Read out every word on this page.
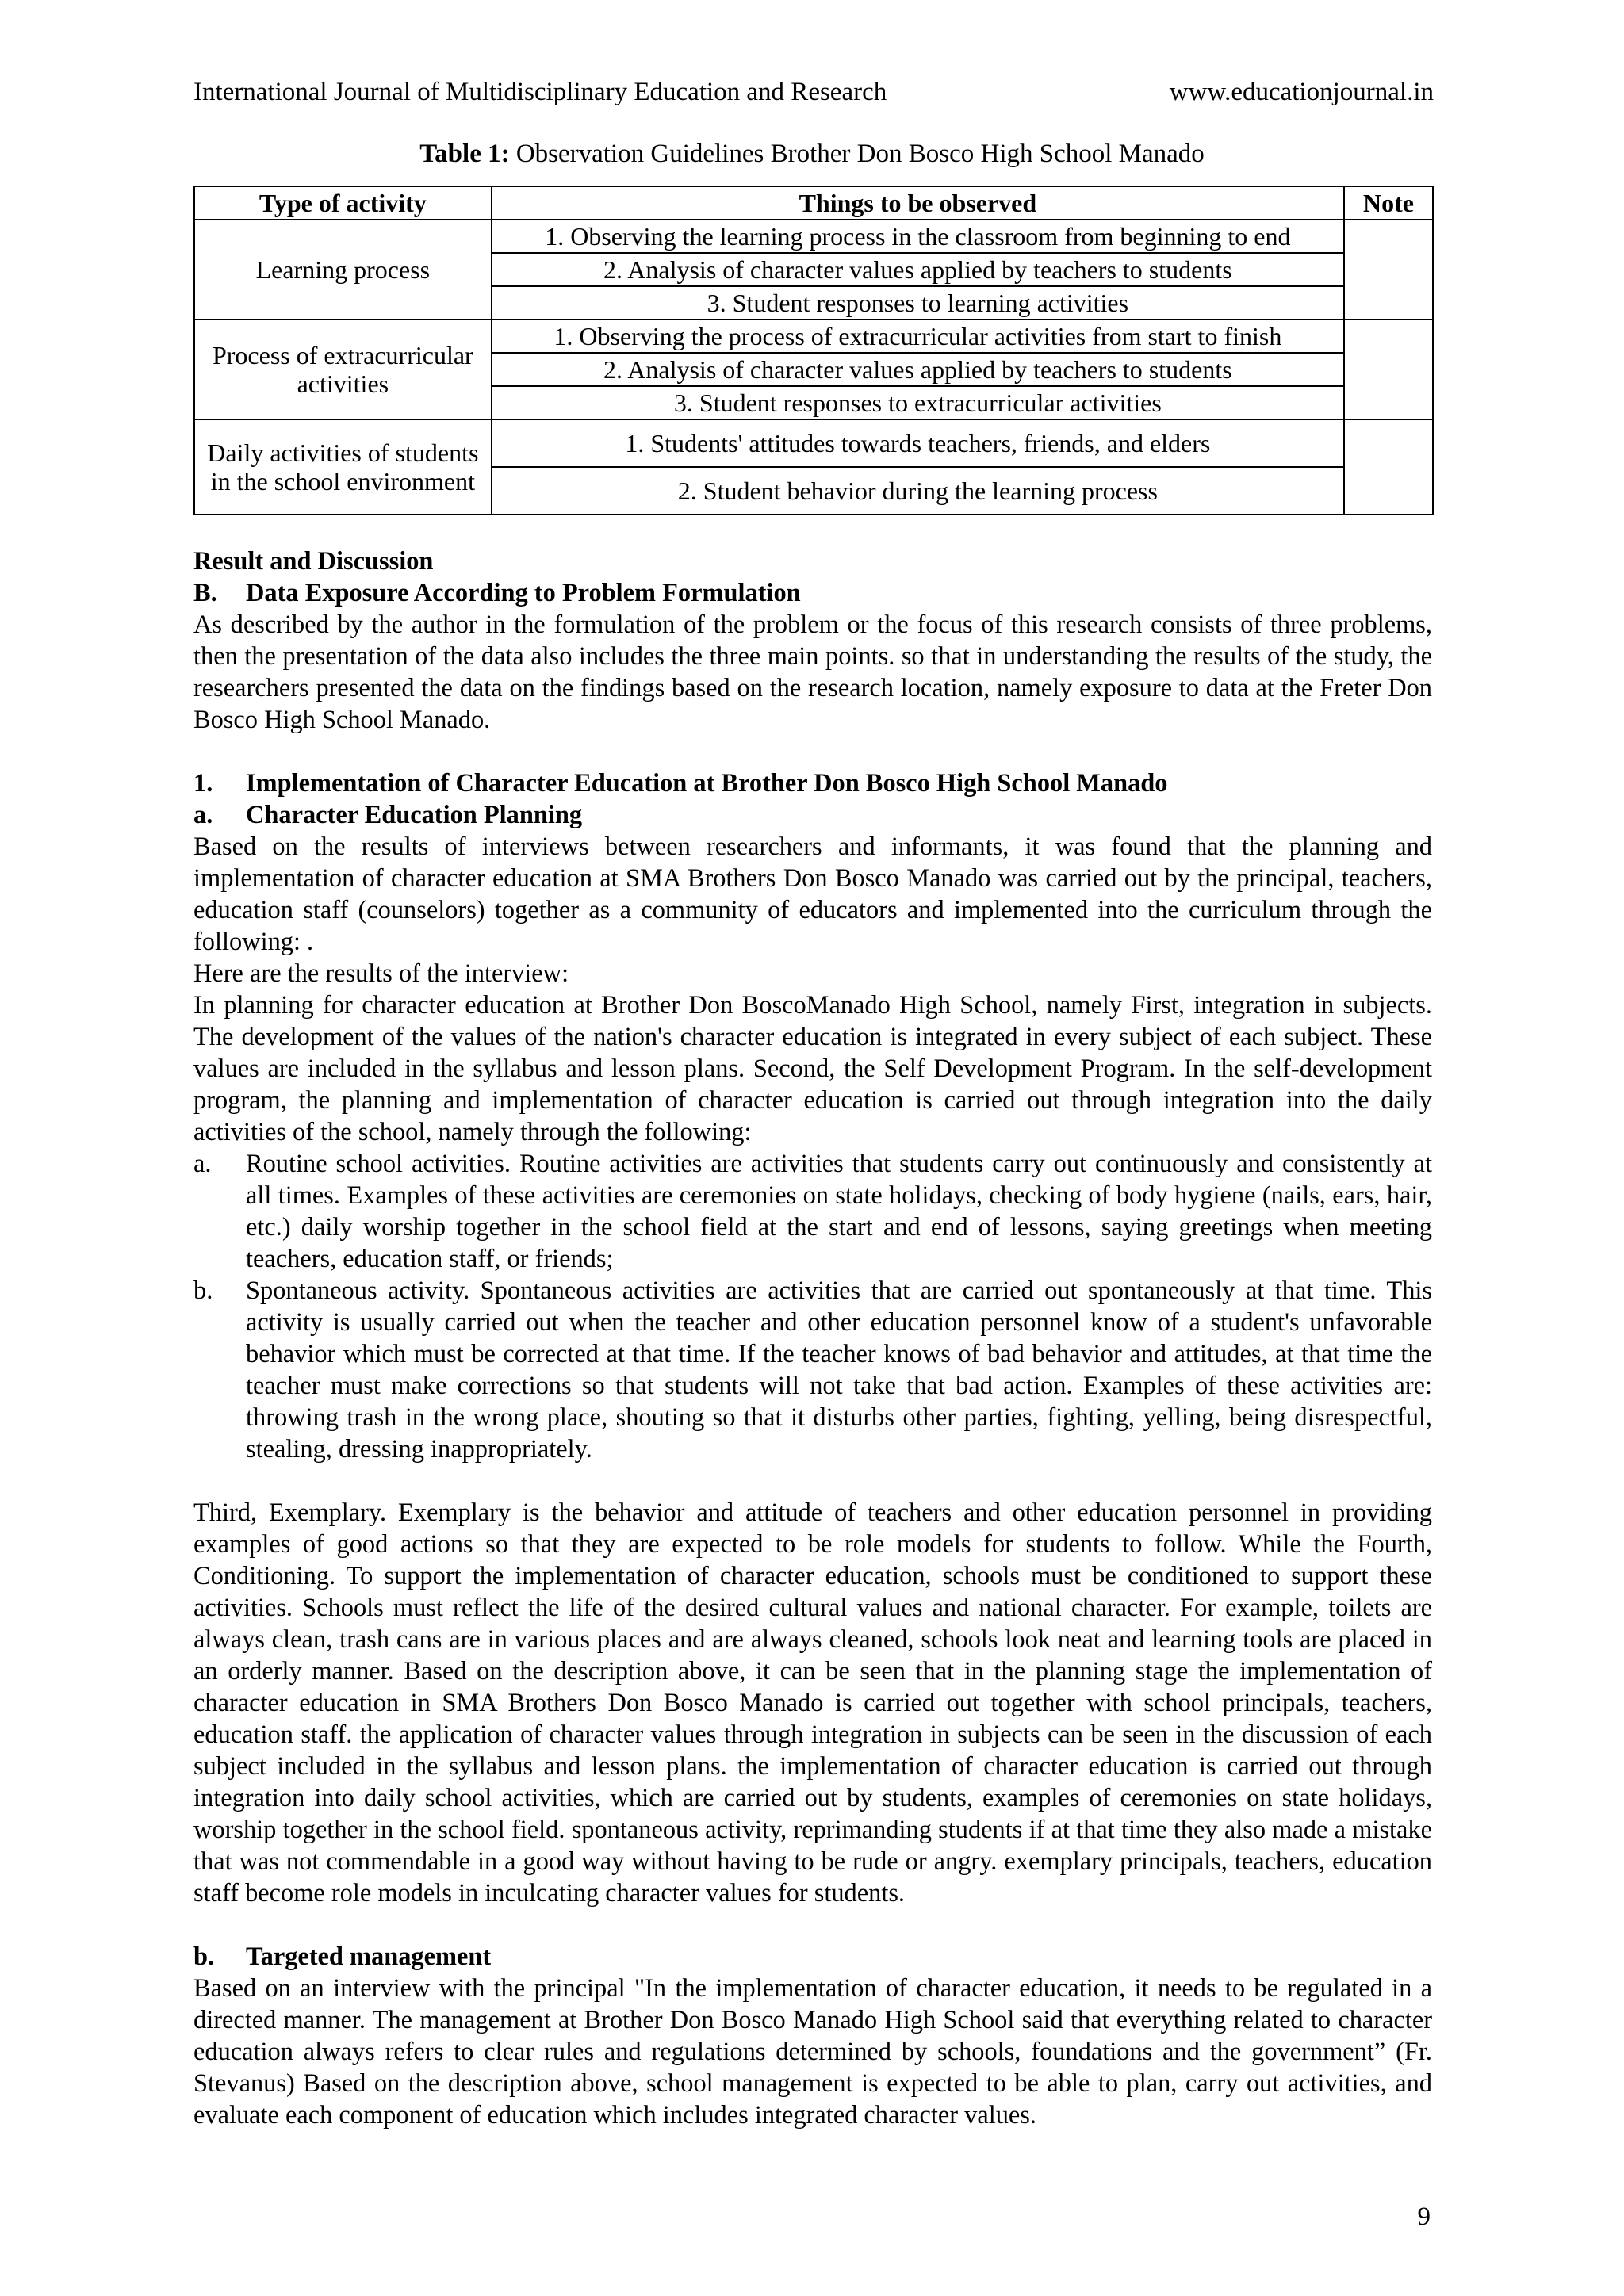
International Journal of Multidisciplinary Education and Research	www.educationjournal.in
Table 1: Observation Guidelines Brother Don Bosco High School Manado
Type of activity	Things to be observed	Note
Learning process	1. Observing the learning process in the classroom from beginning to end	
	2. Analysis of character values applied by teachers to students	
	3. Student responses to learning activities	
Process of extracurricular activities	1. Observing the process of extracurricular activities from start to finish	
	2. Analysis of character values applied by teachers to students	
	3. Student responses to extracurricular activities	
Daily activities of students in the school environment	1. Students' attitudes towards teachers, friends, and elders	
	2. Student behavior during the learning process	

Result and Discussion

B.	Data Exposure According to Problem Formulation

As described by the author in the formulation of the problem or the focus of this research consists of three problems, then the presentation of the data also includes the three main points. so that in understanding the results of the study, the researchers presented the data on the findings based on the research location, namely exposure to data at the Freter Don Bosco High School Manado.

1.	Implementation of Character Education at Brother Don Bosco High School Manado

a.	Character Education Planning

Based on the results of interviews between researchers and informants, it was found that the planning and implementation of character education at SMA Brothers Don Bosco Manado was carried out by the principal, teachers, education staff (counselors) together as a community of educators and implemented into the curriculum through the following: .

Here are the results of the interview:

In planning for character education at Brother Don BoscoManado High School, namely First, integration in subjects. The development of the values of the nation's character education is integrated in every subject of each subject. These values are included in the syllabus and lesson plans. Second, the Self Development Program. In the self-development program, the planning and implementation of character education is carried out through integration into the daily activities of the school, namely through the following:

a.	Routine school activities. Routine activities are activities that students carry out continuously and consistently at all times. Examples of these activities are ceremonies on state holidays, checking of body hygiene (nails, ears, hair, etc.) daily worship together in the school field at the start and end of lessons, saying greetings when meeting teachers, education staff, or friends;
b.	Spontaneous activity. Spontaneous activities are activities that are carried out spontaneously at that time. This activity is usually carried out when the teacher and other education personnel know of a student's unfavorable behavior which must be corrected at that time. If the teacher knows of bad behavior and attitudes, at that time the teacher must make corrections so that students will not take that bad action. Examples of these activities are: throwing trash in the wrong place, shouting so that it disturbs other parties, fighting, yelling, being disrespectful, stealing, dressing inappropriately.

Third, Exemplary. Exemplary is the behavior and attitude of teachers and other education personnel in providing examples of good actions so that they are expected to be role models for students to follow. While the Fourth, Conditioning. To support the implementation of character education, schools must be conditioned to support these activities. Schools must reflect the life of the desired cultural values and national character. For example, toilets are always clean, trash cans are in various places and are always cleaned, schools look neat and learning tools are placed in an orderly manner. Based on the description above, it can be seen that in the planning stage the implementation of character education in SMA Brothers Don Bosco Manado is carried out together with school principals, teachers, education staff. the application of character values through integration in subjects can be seen in the discussion of each subject included in the syllabus and lesson plans. the implementation of character education is carried out through integration into daily school activities, which are carried out by students, examples of ceremonies on state holidays, worship together in the school field. spontaneous activity, reprimanding students if at that time they also made a mistake that was not commendable in a good way without having to be rude or angry. exemplary principals, teachers, education staff become role models in inculcating character values for students.

b.	Targeted management

Based on an interview with the principal "In the implementation of character education, it needs to be regulated in a directed manner. The management at Brother Don Bosco Manado High School said that everything related to character education always refers to clear rules and regulations determined by schools, foundations and the government” (Fr. Stevanus) Based on the description above, school management is expected to be able to plan, carry out activities, and evaluate each component of education which includes integrated character values.

9
